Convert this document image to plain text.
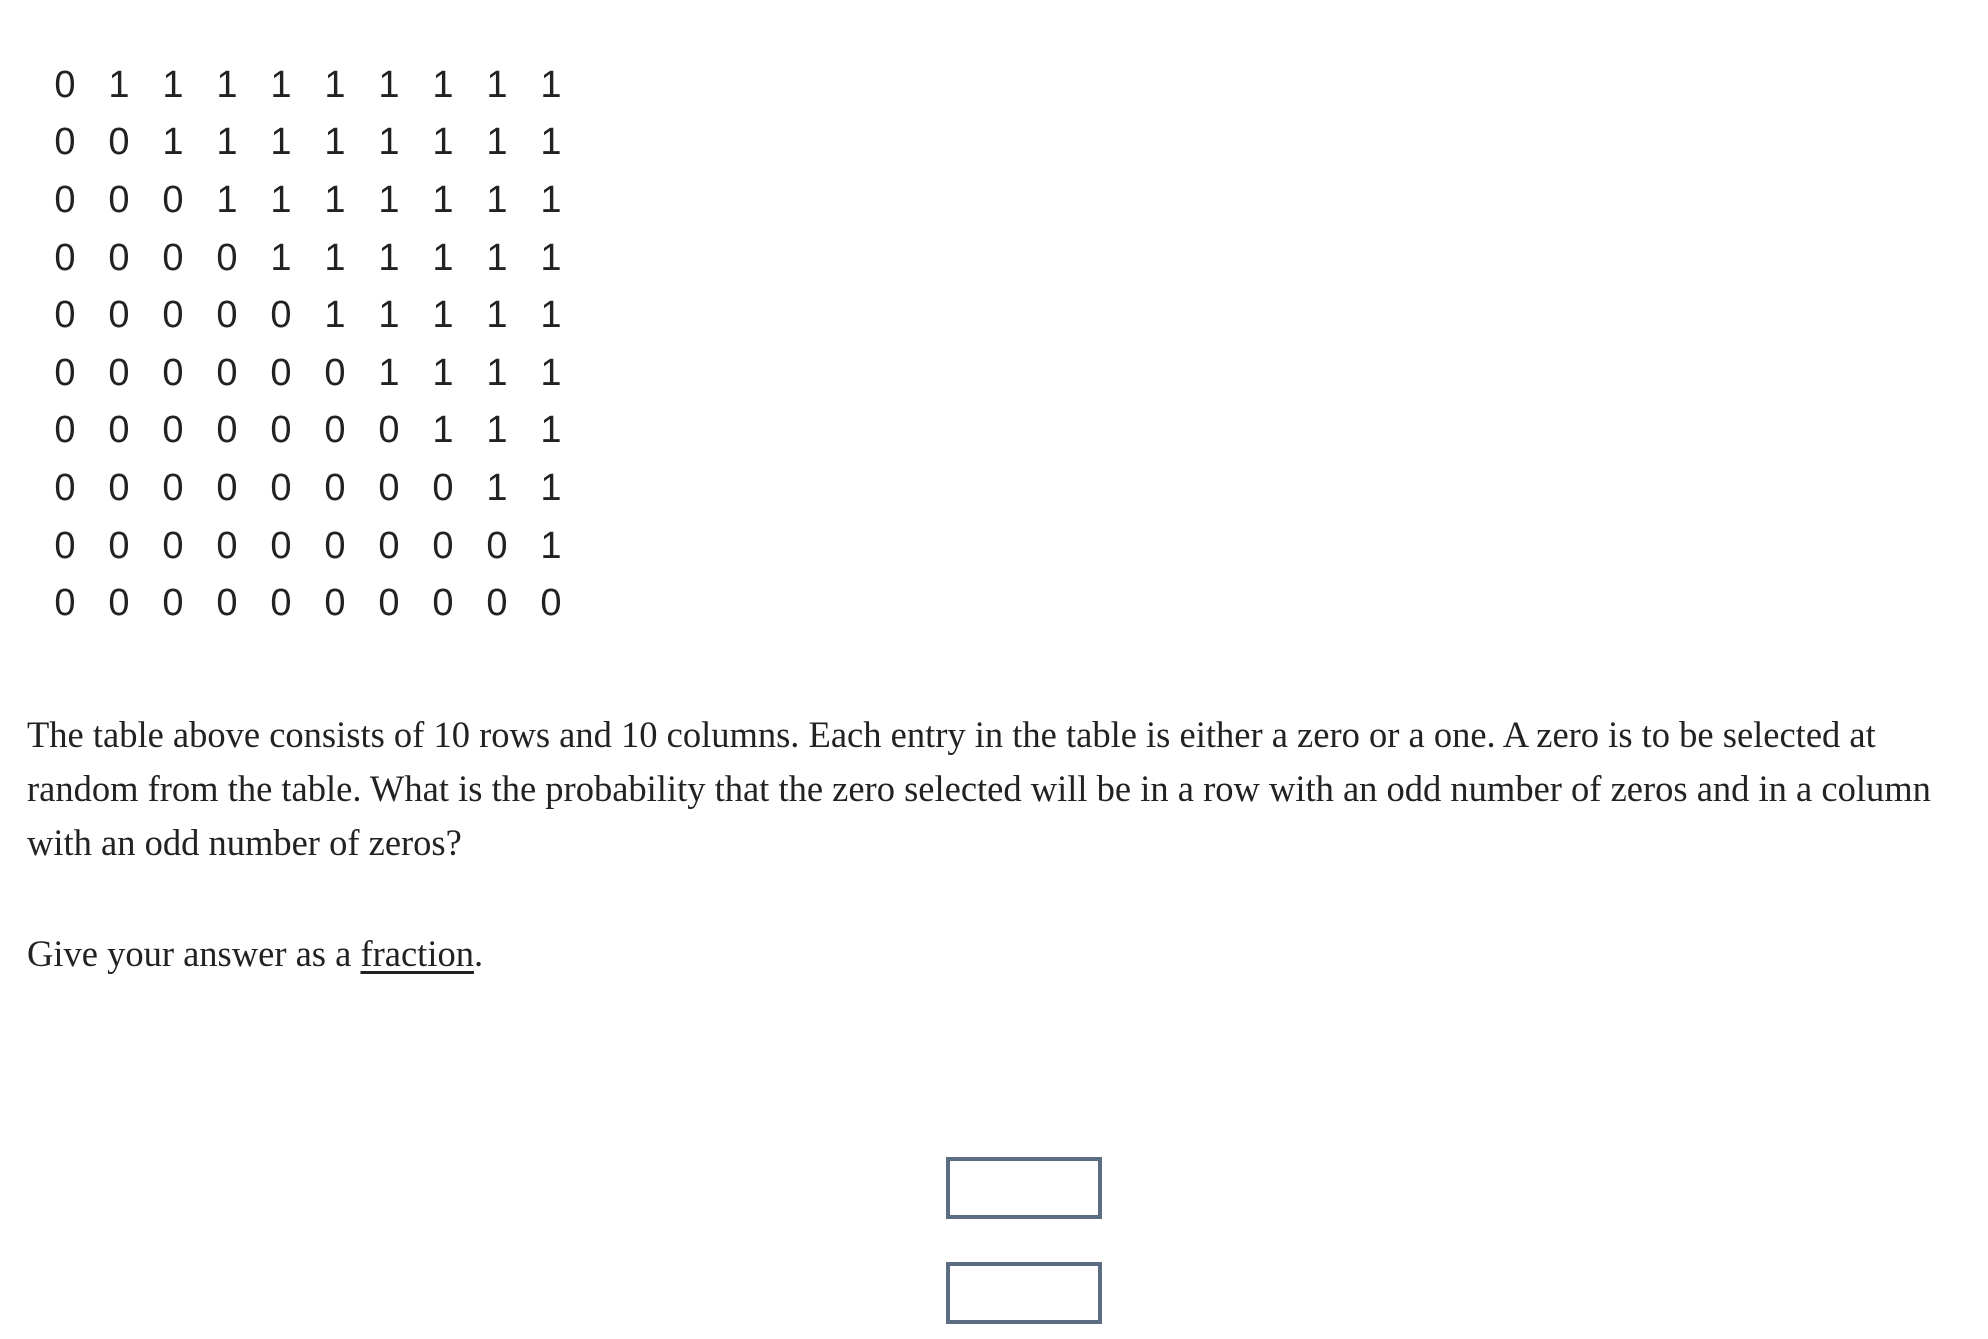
0 1 1 1 1 1 1 1 1 1
0 0 1 1 1 1 1 1 1 1
0 0 0 1 1 1 1 1 1 1
0 0 0 0 1 1 1 1 1 1
0 0 0 0 0 1 1 1 1 1
0 0 0 0 0 0 1 1 1 1
0 0 0 0 0 0 0 1 1 1
0 0 0 0 0 0 0 0 1 1
0 0 0 0 0 0 0 0 0 1
0 0 0 0 0 0 0 0 0 0

The table above consists of 10 rows and 10 columns. Each entry in the table is either a zero or a one. A zero is to be selected at random from the table. What is the probability that the zero selected will be in a row with an odd number of zeros and in a column with an odd number of zeros?

Give your answer as a fraction.
